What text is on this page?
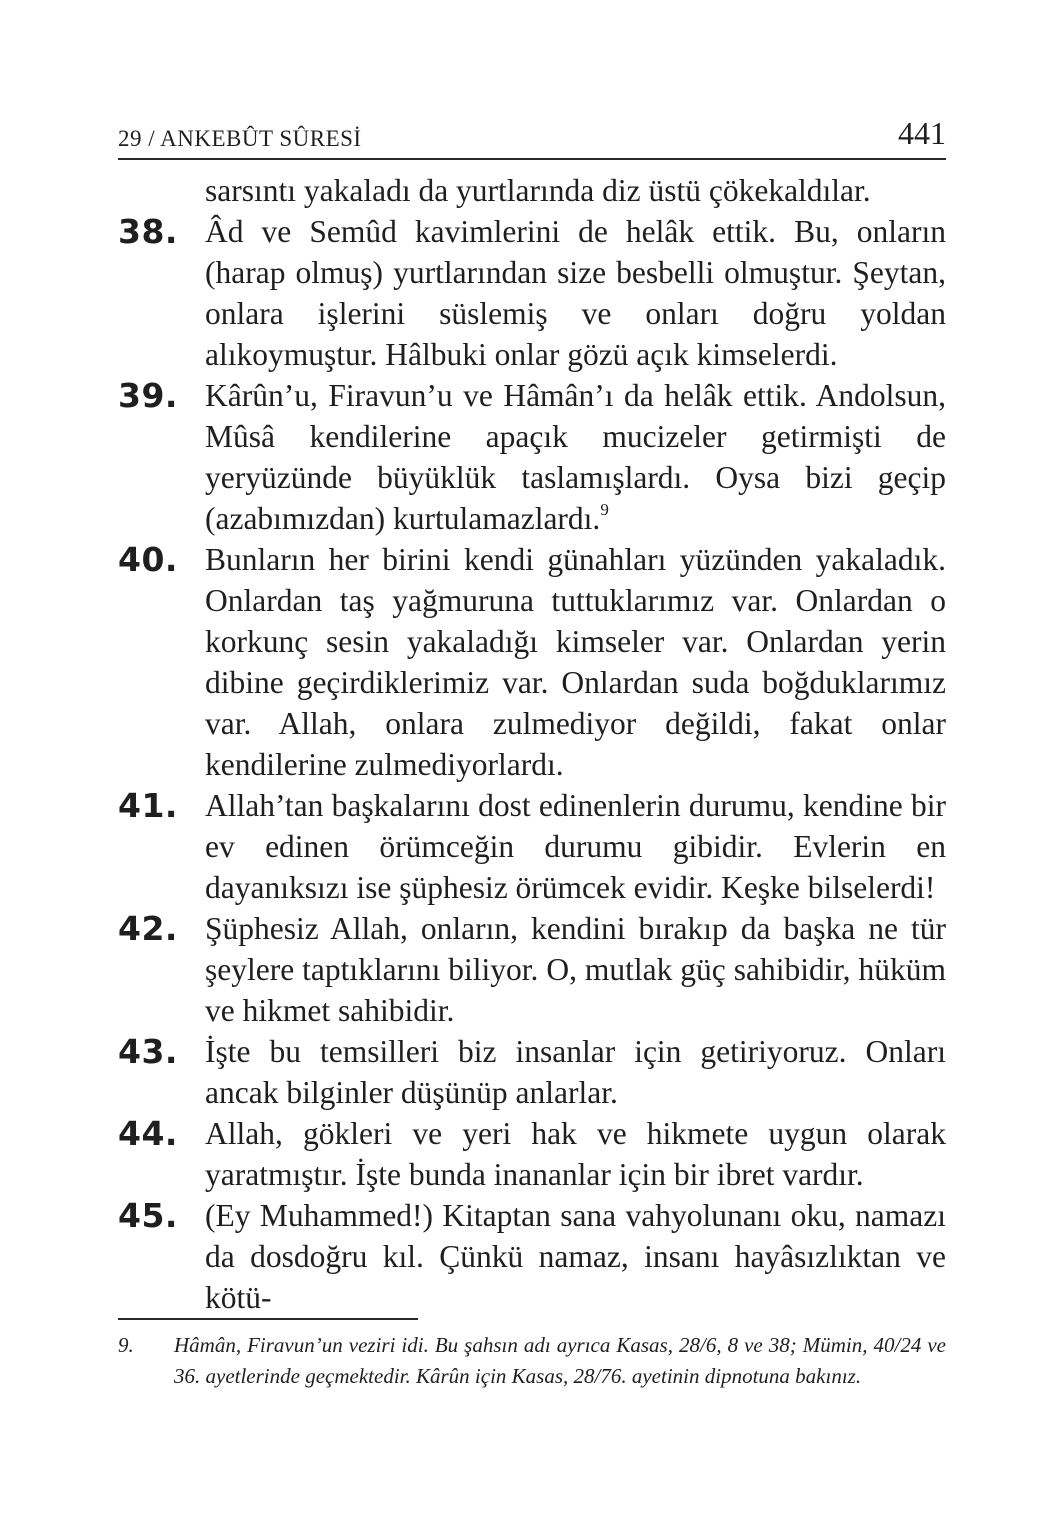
29 / ANKEBÛT SÛRESİ	441
sarsıntı yakaladı da yurtlarında diz üstü çökekaldılar.
38. Âd ve Semûd kavimlerini de helâk ettik. Bu, onların (harap olmuş) yurtlarından size besbelli olmuştur. Şeytan, onlara işlerini süslemiş ve onları doğru yoldan alıkoymuştur. Hâlbuki onlar gözü açık kimselerdi.
39. Kârûn’u, Firavun’u ve Hâmân’ı da helâk ettik. Andolsun, Mûsâ kendilerine apaçık mucizeler getirmişti de yeryüzünde büyüklük taslamışlardı. Oysa bizi geçip (azabımızdan) kurtulamazlardı.$^9$
40. Bunların her birini kendi günahları yüzünden yakaladık. Onlardan taş yağmuruna tuttuklarımız var. Onlardan o korkunç sesin yakaladığı kimseler var. Onlardan yerin dibine geçirdiklerimiz var. Onlardan suda boğduklarımız var. Allah, onlara zulmediyor değildi, fakat onlar kendilerine zulmediyorlardı.
41. Allah’tan başkalarını dost edinenlerin durumu, kendine bir ev edinen örümceğin durumu gibidir. Evlerin en dayanıksızı ise şüphesiz örümcek evidir. Keşke bilselerdi!
42. Şüphesiz Allah, onların, kendini bırakıp da başka ne tür şeylere taptıklarını biliyor. O, mutlak güç sahibidir, hüküm ve hikmet sahibidir.
43. İşte bu temsilleri biz insanlar için getiriyoruz. Onları ancak bilginler düşünüp anlarlar.
44. Allah, gökleri ve yeri hak ve hikmete uygun olarak yaratmıştır. İşte bunda inananlar için bir ibret vardır.
45. (Ey Muhammed!) Kitaptan sana vahyolunanı oku, namazı da dosdoğru kıl. Çünkü namaz, insanı hayâsızlıktan ve kötü-
9.	Hâmân, Firavun’un veziri idi. Bu şahsın adı ayrıca Kasas, 28/6, 8 ve 38; Mümin, 40/24 ve 36. ayetlerinde geçmektedir. Kârûn için Kasas, 28/76. ayetinin dipnotuna bakınız.
